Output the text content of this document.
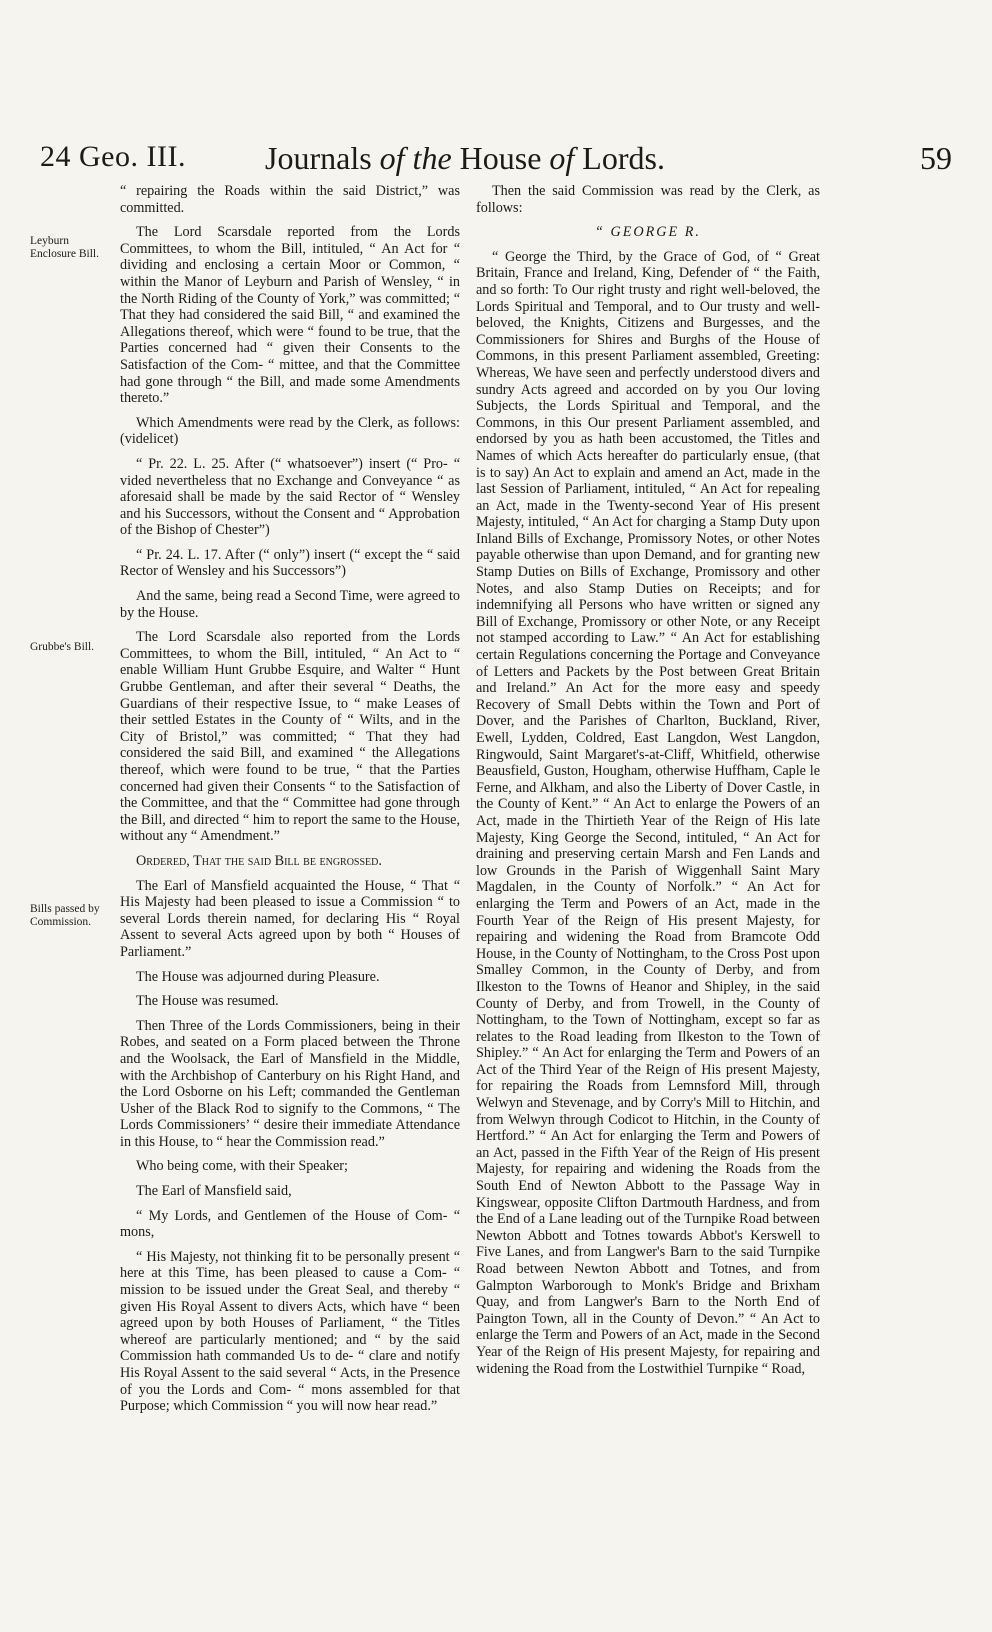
24 Geo. III. Journals of the House of Lords.	59
Leyburn Enclosure Bill.
Grubbe's Bill.
Bills passed by Commission.

“ repairing the Roads within the said District,” was committed.

The Lord Scarsdale reported from the Lords Committees, to whom the Bill, intituled, “ An Act for “ dividing and enclosing a certain Moor or Common, “ within the Manor of Leyburn and Parish of Wensley, “ in the North Riding of the County of York,” was committed; “ That they had considered the said Bill, “ and examined the Allegations thereof, which were “ found to be true, that the Parties concerned had “ given their Consents to the Satisfaction of the Com- “ mittee, and that the Committee had gone through “ the Bill, and made some Amendments thereto.”

Which Amendments were read by the Clerk, as follows: (videlicet)

“ Pr. 22. L. 25. After (“ whatsoever”) insert (“ Pro- “ vided nevertheless that no Exchange and Conveyance “ as aforesaid shall be made by the said Rector of “ Wensley and his Successors, without the Consent and “ Approbation of the Bishop of Chester”)

“ Pr. 24. L. 17. After (“ only”) insert (“ except the “ said Rector of Wensley and his Successors”)

And the same, being read a Second Time, were agreed to by the House.

The Lord Scarsdale also reported from the Lords Committees, to whom the Bill, intituled, “ An Act to “ enable William Hunt Grubbe Esquire, and Walter “ Hunt Grubbe Gentleman, and after their several “ Deaths, the Guardians of their respective Issue, to “ make Leases of their settled Estates in the County of “ Wilts, and in the City of Bristol,” was committed; “ That they had considered the said Bill, and examined “ the Allegations thereof, which were found to be true, “ that the Parties concerned had given their Consents “ to the Satisfaction of the Committee, and that the “ Committee had gone through the Bill, and directed “ him to report the same to the House, without any “ Amendment.”

Ordered, That the said Bill be engrossed.

The Earl of Mansfield acquainted the House, “ That “ His Majesty had been pleased to issue a Commission “ to several Lords therein named, for declaring His “ Royal Assent to several Acts agreed upon by both “ Houses of Parliament.”

The House was adjourned during Pleasure.

The House was resumed.

Then Three of the Lords Commissioners, being in their Robes, and seated on a Form placed between the Throne and the Woolsack, the Earl of Mansfield in the Middle, with the Archbishop of Canterbury on his Right Hand, and the Lord Osborne on his Left; commanded the Gentleman Usher of the Black Rod to signify to the Commons, “ The Lords Commissioners’ “ desire their immediate Attendance in this House, to “ hear the Commission read.”

Who being come, with their Speaker;

The Earl of Mansfield said,

“ My Lords, and Gentlemen of the House of Com- “ mons,

“ His Majesty, not thinking fit to be personally present “ here at this Time, has been pleased to cause a Com- “ mission to be issued under the Great Seal, and thereby “ given His Royal Assent to divers Acts, which have “ been agreed upon by both Houses of Parliament, “ the Titles whereof are particularly mentioned; and “ by the said Commission hath commanded Us to de- “ clare and notify His Royal Assent to the said several “ Acts, in the Presence of you the Lords and Com- “ mons assembled for that Purpose; which Commission “ you will now hear read.”

Then the said Commission was read by the Clerk, as follows:

“ GEORGE R.

“ George the Third, by the Grace of God, of “ Great Britain, France and Ireland, King, Defender of “ the Faith, and so forth: To Our right trusty and right well-beloved, the Lords Spiritual and Temporal, and to Our trusty and well-beloved, the Knights, Citizens and Burgesses, and the Commissioners for Shires and Burghs of the House of Commons, in this present Parliament assembled, Greeting: Whereas, We have seen and perfectly understood divers and sundry Acts agreed and accorded on by you Our loving Subjects, the Lords Spiritual and Temporal, and the Commons, in this Our present Parliament assembled, and endorsed by you as hath been accustomed, the Titles and Names of which Acts hereafter do particularly ensue, (that is to say) An Act to explain and amend an Act, made in the last Session of Parliament, intituled, “ An Act for repealing an Act, made in the Twenty-second Year of His present Majesty, intituled, “ An Act for charging a Stamp Duty upon Inland Bills of Exchange, Promissory Notes, or other Notes payable otherwise than upon Demand, and for granting new Stamp Duties on Bills of Exchange, Promissory and other Notes, and also Stamp Duties on Receipts; and for indemnifying all Persons who have written or signed any Bill of Exchange, Promissory or other Note, or any Receipt not stamped according to Law.” “ An Act for establishing certain Regulations concerning the Portage and Conveyance of Letters and Packets by the Post between Great Britain and Ireland.” An Act for the more easy and speedy Recovery of Small Debts within the Town and Port of Dover, and the Parishes of Charlton, Buckland, River, Ewell, Lydden, Coldred, East Langdon, West Langdon, Ringwould, Saint Margaret's-at-Cliff, Whitfield, otherwise Beausfield, Guston, Hougham, otherwise Huffham, Caple le Ferne, and Alkham, and also the Liberty of Dover Castle, in the County of Kent.” “ An Act to enlarge the Powers of an Act, made in the Thirtieth Year of the Reign of His late Majesty, King George the Second, intituled, “ An Act for draining and preserving certain Marsh and Fen Lands and low Grounds in the Parish of Wiggenhall Saint Mary Magdalen, in the County of Norfolk.” “ An Act for enlarging the Term and Powers of an Act, made in the Fourth Year of the Reign of His present Majesty, for repairing and widening the Road from Bramcote Odd House, in the County of Nottingham, to the Cross Post upon Smalley Common, in the County of Derby, and from Ilkeston to the Towns of Heanor and Shipley, in the said County of Derby, and from Trowell, in the County of Nottingham, to the Town of Nottingham, except so far as relates to the Road leading from Ilkeston to the Town of Shipley.” “ An Act for enlarging the Term and Powers of an Act of the Third Year of the Reign of His present Majesty, for repairing the Roads from Lemnsford Mill, through Welwyn and Stevenage, and by Corry's Mill to Hitchin, and from Welwyn through Codicot to Hitchin, in the County of Hertford.” “ An Act for enlarging the Term and Powers of an Act, passed in the Fifth Year of the Reign of His present Majesty, for repairing and widening the Roads from the South End of Newton Abbott to the Passage Way in Kingswear, opposite Clifton Dartmouth Hardness, and from the End of a Lane leading out of the Turnpike Road between Newton Abbott and Totnes towards Abbot's Kerswell to Five Lanes, and from Langwer's Barn to the said Turnpike Road between Newton Abbott and Totnes, and from Galmpton Warborough to Monk's Bridge and Brixham Quay, and from Langwer's Barn to the North End of Paington Town, all in the County of Devon.” “ An Act to enlarge the Term and Powers of an Act, made in the Second Year of the Reign of His present Majesty, for repairing and widening the Road from the Lostwithiel Turnpike “ Road,
